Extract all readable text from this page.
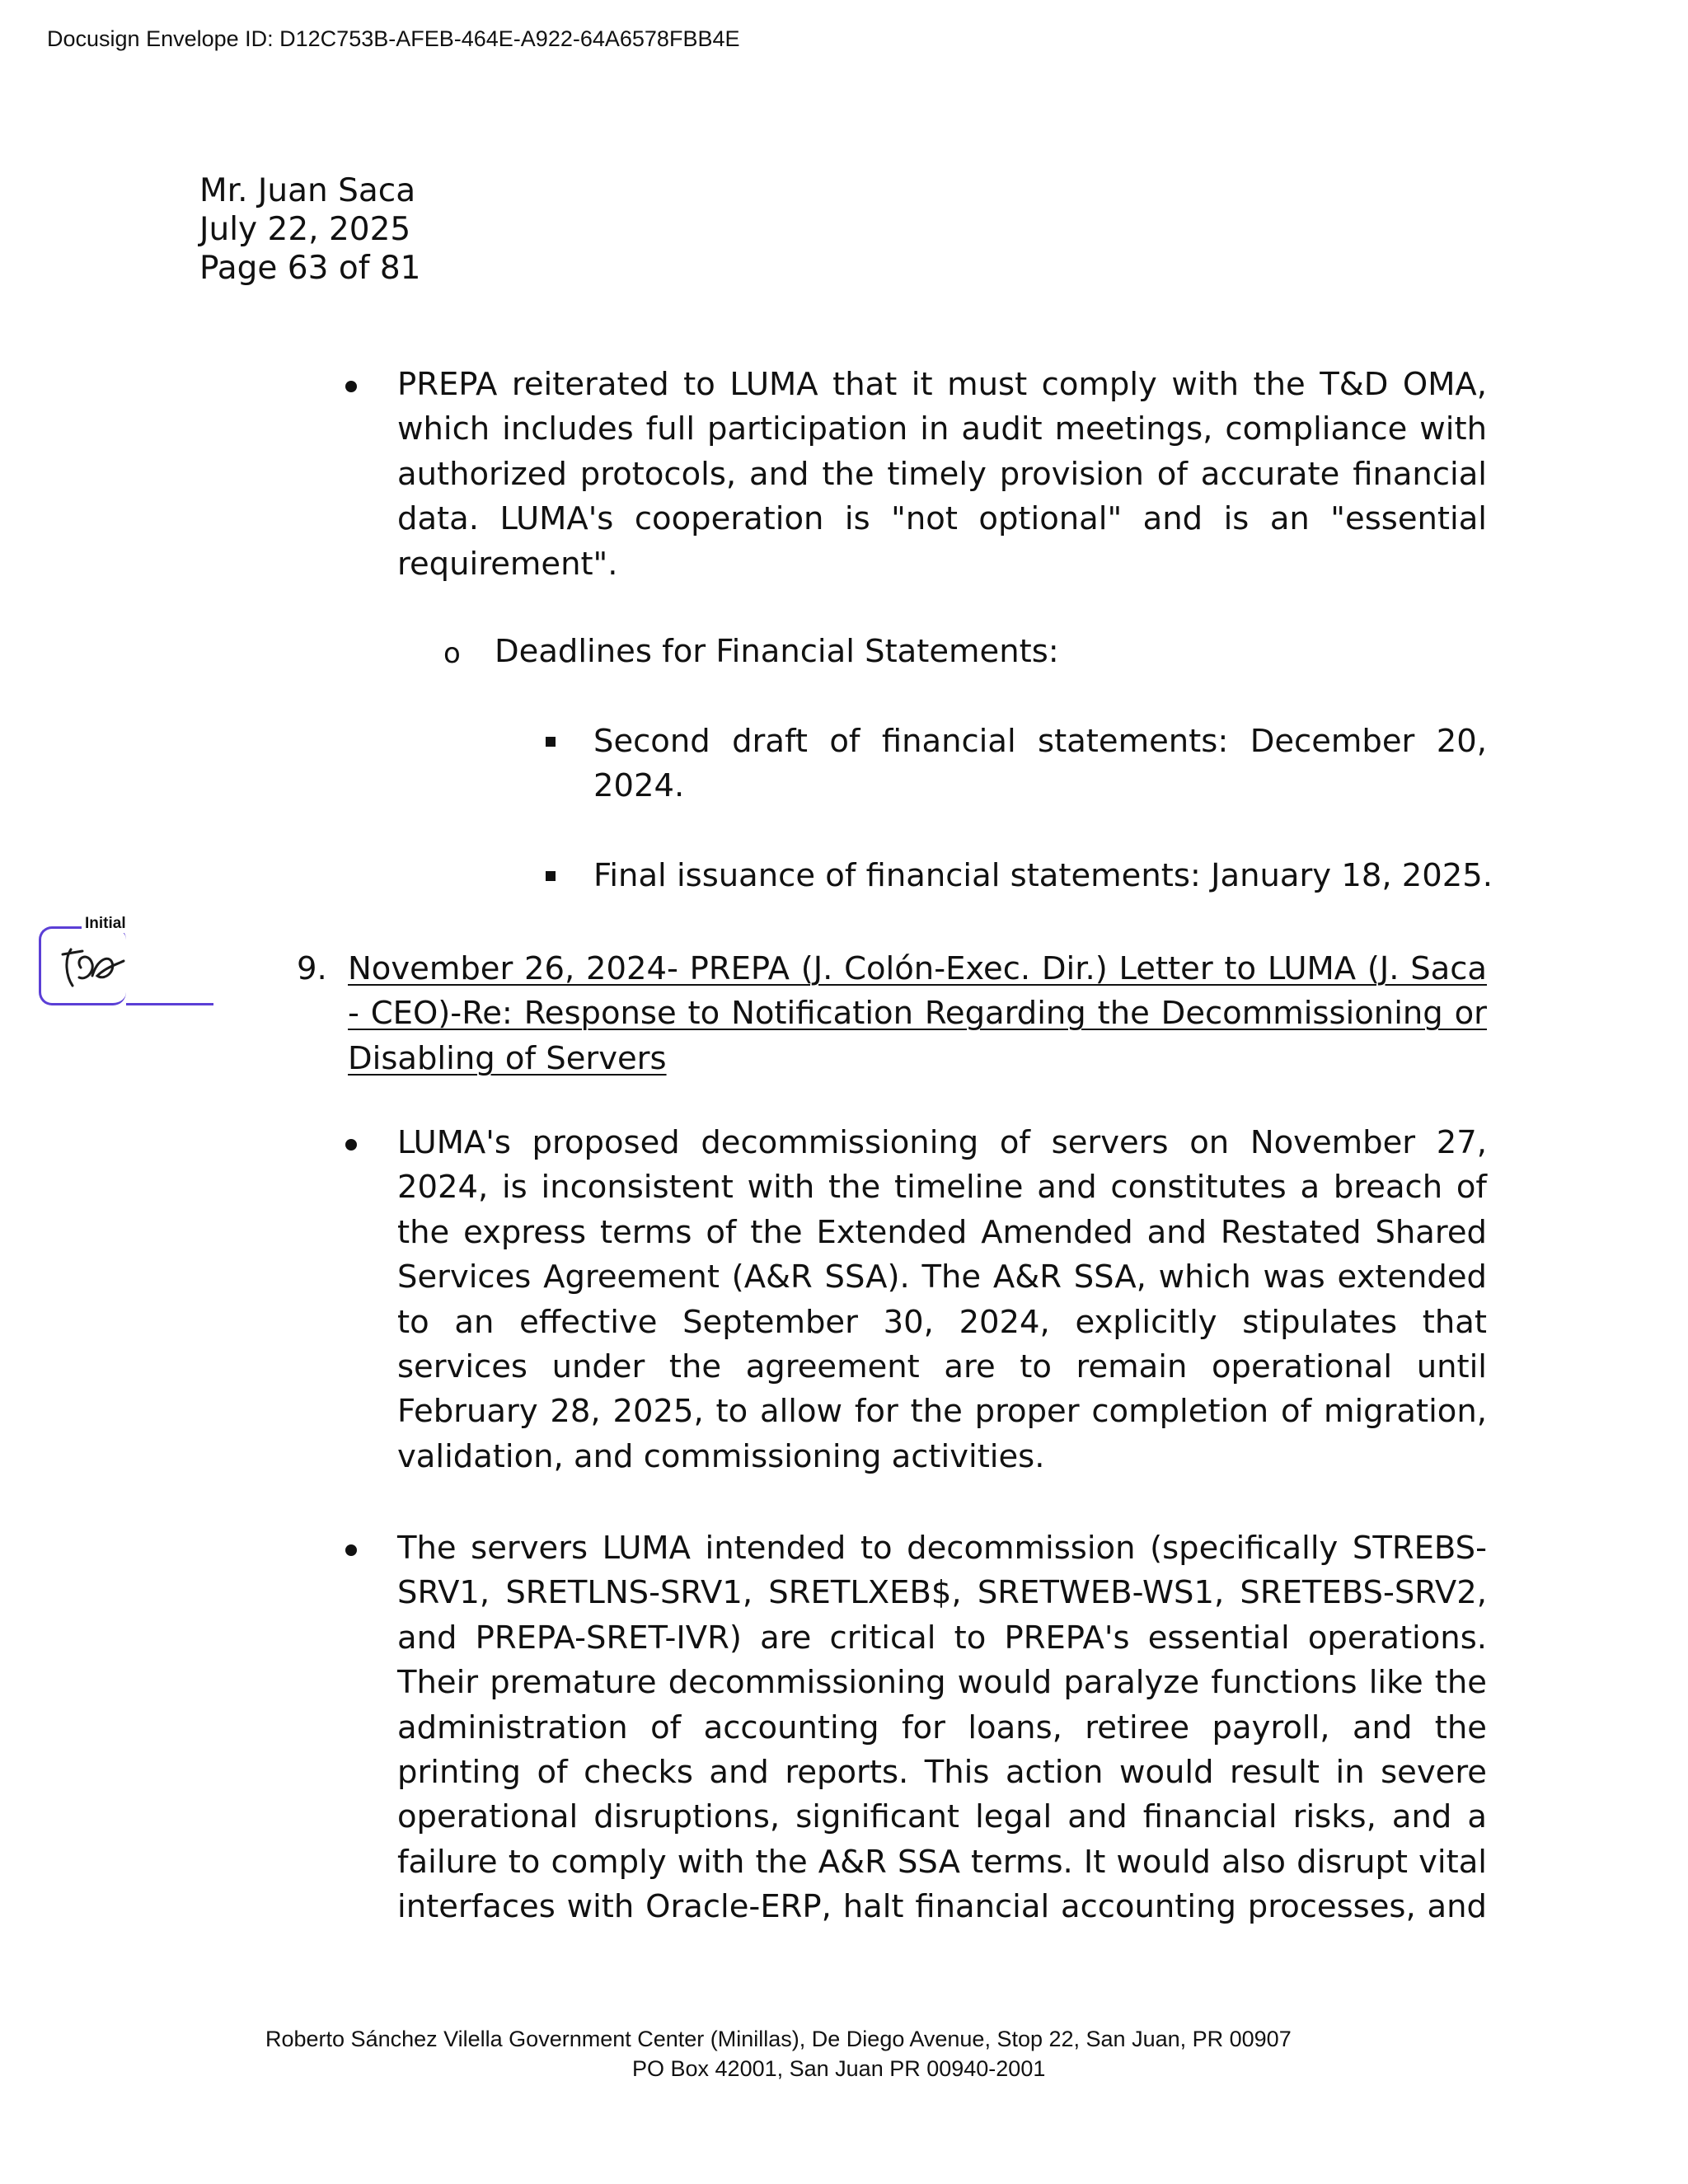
Docusign Envelope ID: D12C753B-AFEB-464E-A922-64A6578FBB4E
Mr. Juan Saca
July 22, 2025
Page 63 of 81
PREPA reiterated to LUMA that it must comply with the T&D OMA, which includes full participation in audit meetings, compliance with authorized protocols, and the timely provision of accurate financial data. LUMA's cooperation is "not optional" and is an "essential requirement".
o Deadlines for Financial Statements:
Second draft of financial statements: December 20, 2024.
Final issuance of financial statements: January 18, 2025.
Initial
9. November 26, 2024- PREPA (J. Colón-Exec. Dir.) Letter to LUMA (J. Saca - CEO)-Re: Response to Notification Regarding the Decommissioning or Disabling of Servers
LUMA's proposed decommissioning of servers on November 27, 2024, is inconsistent with the timeline and constitutes a breach of the express terms of the Extended Amended and Restated Shared Services Agreement (A&R SSA). The A&R SSA, which was extended to an effective September 30, 2024, explicitly stipulates that services under the agreement are to remain operational until February 28, 2025, to allow for the proper completion of migration, validation, and commissioning activities.
The servers LUMA intended to decommission (specifically STREBS-SRV1, SRETLNS-SRV1, SRETLXEB$, SRETWEB-WS1, SRETEBS-SRV2, and PREPA-SRET-IVR) are critical to PREPA's essential operations. Their premature decommissioning would paralyze functions like the administration of accounting for loans, retiree payroll, and the printing of checks and reports. This action would result in severe operational disruptions, significant legal and financial risks, and a failure to comply with the A&R SSA terms. It would also disrupt vital interfaces with Oracle-ERP, halt financial accounting processes, and
Roberto Sánchez Vilella Government Center (Minillas), De Diego Avenue, Stop 22, San Juan, PR 00907
PO Box 42001, San Juan PR 00940-2001
